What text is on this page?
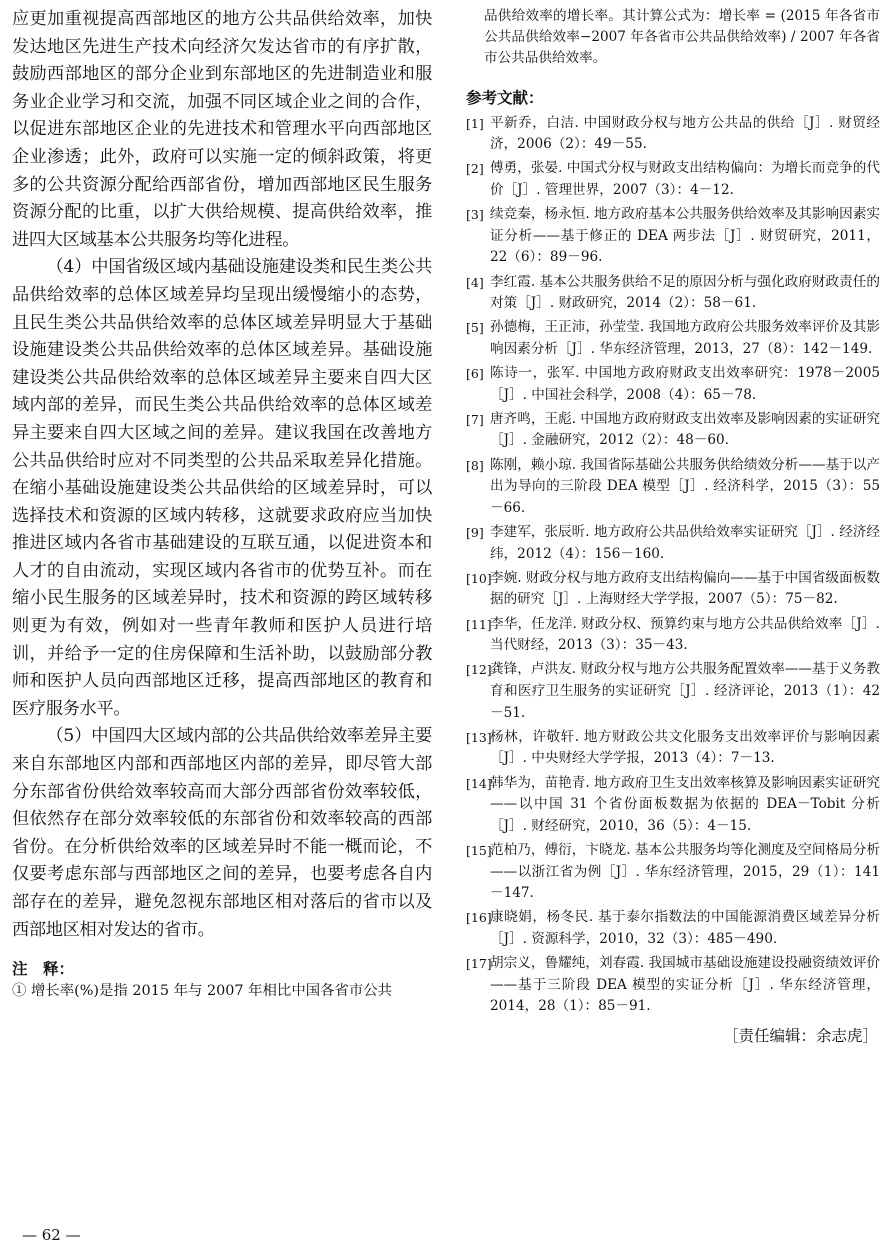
应更加重视提高西部地区的地方公共品供给效率，加快发达地区先进生产技术向经济欠发达省市的有序扩散，鼓励西部地区的部分企业到东部地区的先进制造业和服务业企业学习和交流，加强不同区域企业之间的合作，以促进东部地区企业的先进技术和管理水平向西部地区企业渗透；此外，政府可以实施一定的倾斜政策，将更多的公共资源分配给西部省份，增加西部地区民生服务资源分配的比重，以扩大供给规模、提高供给效率，推进四大区域基本公共服务均等化进程。

（4）中国省级区域内基础设施建设类和民生类公共品供给效率的总体区域差异均呈现出缓慢缩小的态势，且民生类公共品供给效率的总体区域差异明显大于基础设施建设类公共品供给效率的总体区域差异。基础设施建设类公共品供给效率的总体区域差异主要来自四大区域内部的差异，而民生类公共品供给效率的总体区域差异主要来自四大区域之间的差异。建议我国在改善地方公共品供给时应对不同类型的公共品采取差异化措施。在缩小基础设施建设类公共品供给的区域差异时，可以选择技术和资源的区域内转移，这就要求政府应当加快推进区域内各省市基础建设的互联互通，以促进资本和人才的自由流动，实现区域内各省市的优势互补。而在缩小民生服务的区域差异时，技术和资源的跨区域转移则更为有效，例如对一些青年教师和医护人员进行培训，并给予一定的住房保障和生活补助，以鼓励部分教师和医护人员向西部地区迁移，提高西部地区的教育和医疗服务水平。

（5）中国四大区域内部的公共品供给效率差异主要来自东部地区内部和西部地区内部的差异，即尽管大部分东部省份供给效率较高而大部分西部省份效率较低，但依然存在部分效率较低的东部省份和效率较高的西部省份。在分析供给效率的区域差异时不能一概而论，不仅要考虑东部与西部地区之间的差异，也要考虑各自内部存在的差异，避免忽视东部地区相对落后的省市以及西部地区相对发达的省市。

注　释：

① 增长率(%)是指 2015 年与 2007 年相比中国各省市公共

品供给效率的增长率。其计算公式为：增长率 = (2015 年各省市公共品供给效率−2007 年各省市公共品供给效率) / 2007 年各省市公共品供给效率。

参考文献：
[1] 平新乔，白洁. 中国财政分权与地方公共品的供给［J］. 财贸经济，2006（2）：49－55.
[2] 傅勇，张晏. 中国式分权与财政支出结构偏向：为增长而竞争的代价［J］. 管理世界，2007（3）：4－12.
[3] 续竞秦，杨永恒. 地方政府基本公共服务供给效率及其影响因素实证分析——基于修正的 DEA 两步法［J］. 财贸研究，2011，22（6）：89－96.
[4] 李红霞. 基本公共服务供给不足的原因分析与强化政府财政责任的对策［J］. 财政研究，2014（2）：58－61.
[5] 孙德梅，王正沛，孙莹莹. 我国地方政府公共服务效率评价及其影响因素分析［J］. 华东经济管理，2013，27（8）：142－149.
[6] 陈诗一，张军. 中国地方政府财政支出效率研究：1978－2005［J］. 中国社会科学，2008（4）：65－78.
[7] 唐齐鸣，王彪. 中国地方政府财政支出效率及影响因素的实证研究［J］. 金融研究，2012（2）：48－60.
[8] 陈刚，赖小琼. 我国省际基础公共服务供给绩效分析——基于以产出为导向的三阶段 DEA 模型［J］. 经济科学，2015（3）：55－66.
[9] 李建军，张辰昕. 地方政府公共品供给效率实证研究［J］. 经济经纬，2012（4）：156－160.
[10]
李婉. 财政分权与地方政府支出结构偏向——基于中国省级面板数据的研究［J］. 上海财经大学学报，2007（5）：75－82.
[11]
李华，任龙洋. 财政分权、预算约束与地方公共品供给效率［J］. 当代财经，2013（3）：35－43.
[12]
龚锋，卢洪友. 财政分权与地方公共服务配置效率——基于义务教育和医疗卫生服务的实证研究［J］. 经济评论，2013（1）：42－51.
[13]
杨林，许敬轩. 地方财政公共文化服务支出效率评价与影响因素［J］. 中央财经大学学报，2013（4）：7－13.
[14]
韩华为，苗艳青. 地方政府卫生支出效率核算及影响因素实证研究——以中国 31 个省份面板数据为依据的 DEA－Tobit 分析［J］. 财经研究，2010，36（5）：4－15.
[15]
范柏乃，傅衍，卞晓龙. 基本公共服务均等化测度及空间格局分析——以浙江省为例［J］. 华东经济管理，2015，29（1）：141－147.
[16]
康晓娟，杨冬民. 基于泰尔指数法的中国能源消费区域差异分析［J］. 资源科学，2010，32（3）：485－490.
[17]
胡宗义，鲁耀纯，刘春霞. 我国城市基础设施建设投融资绩效评价——基于三阶段 DEA 模型的实证分析［J］. 华东经济管理，2014，28（1）：85－91.
［责任编辑：余志虎］
— 62 —
